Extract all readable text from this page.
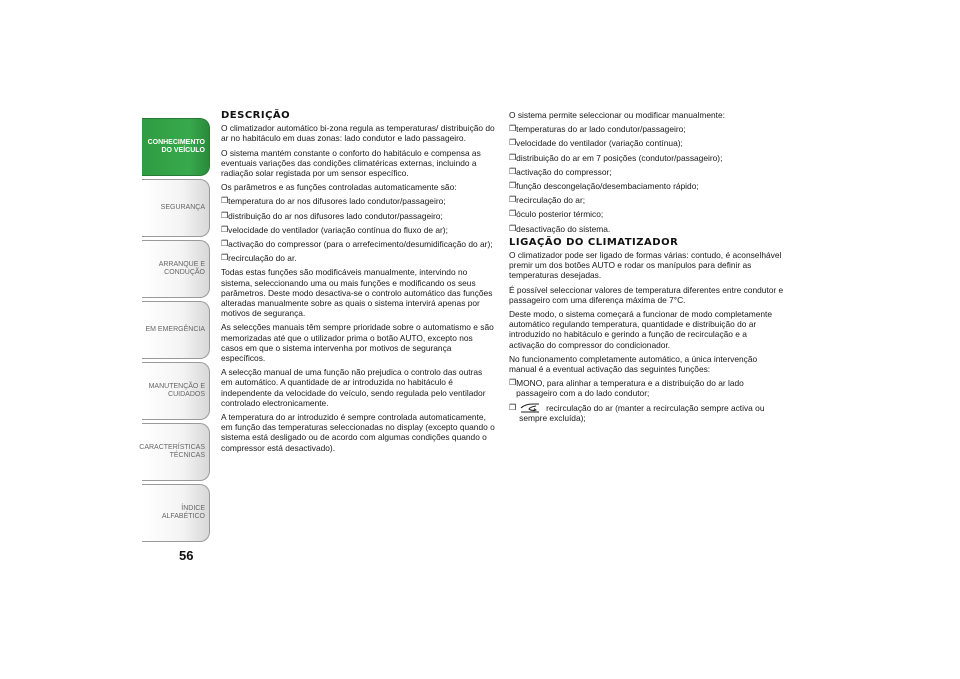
CONHECIMENTO
DO VEÍCULO
SEGURANÇA
ARRANQUE E
CONDUÇÃO
EM EMERGÊNCIA
MANUTENÇÃO E
CUIDADOS
CARACTERÍSTICAS
TÉCNICAS
ÍNDICE ALFABÉTICO
56
DESCRIÇÃO

O climatizador automático bi-zona regula as temperaturas/ distribuição do ar no habitáculo em duas zonas: lado condutor e lado passageiro.

O sistema mantém constante o conforto do habitáculo e compensa as eventuais variações das condições climatéricas externas, incluindo a radiação solar registada por um sensor específico.

Os parâmetros e as funções controladas automaticamente são:

❒ temperatura do ar nos difusores lado condutor/passageiro;
❒ distribuição do ar nos difusores lado condutor/passageiro;
❒ velocidade do ventilador (variação contínua do fluxo de ar);
❒ activação do compressor (para o arrefecimento/desumidificação do ar);
❒ recirculação do ar.

Todas estas funções são modificáveis manualmente, intervindo no sistema, seleccionando uma ou mais funções e modificando os seus parâmetros. Deste modo desactiva-se o controlo automático das funções alteradas manualmente sobre as quais o sistema intervirá apenas por motivos de segurança.

As selecções manuais têm sempre prioridade sobre o automatismo e são memorizadas até que o utilizador prima o botão AUTO, excepto nos casos em que o sistema intervenha por motivos de segurança específicos.

A selecção manual de uma função não prejudica o controlo das outras em automático. A quantidade de ar introduzida no habitáculo é independente da velocidade do veículo, sendo regulada pelo ventilador controlado electronicamente.

A temperatura do ar introduzido é sempre controlada automaticamente, em função das temperaturas seleccionadas no display (excepto quando o sistema está desligado ou de acordo com algumas condições quando o compressor está desactivado).

O sistema permite seleccionar ou modificar manualmente:

❒ temperaturas do ar lado condutor/passageiro;
❒ velocidade do ventilador (variação contínua);
❒ distribuição do ar em 7 posições (condutor/passageiro);
❒ activação do compressor;
❒ função descongelação/desembaciamento rápido;
❒ recirculação do ar;
❒ óculo posterior térmico;
❒ desactivação do sistema.
LIGAÇÃO DO CLIMATIZADOR

O climatizador pode ser ligado de formas várias: contudo, é aconselhável premir um dos botões AUTO e rodar os manípulos para definir as temperaturas desejadas.

É possível seleccionar valores de temperatura diferentes entre condutor e passageiro com uma diferença máxima de 7°C.

Deste modo, o sistema começará a funcionar de modo completamente automático regulando temperatura, quantidade e distribuição do ar introduzido no habitáculo e gerindo a função de recirculação e a activação do compressor do condicionador.

No funcionamento completamente automático, a única intervenção manual é a eventual activação das seguintes funções:

❒ MONO, para alinhar a temperatura e a distribuição do ar lado passageiro com a do lado condutor;
❒	recirculação do ar (manter a recirculação sempre activa ou sempre excluída);
